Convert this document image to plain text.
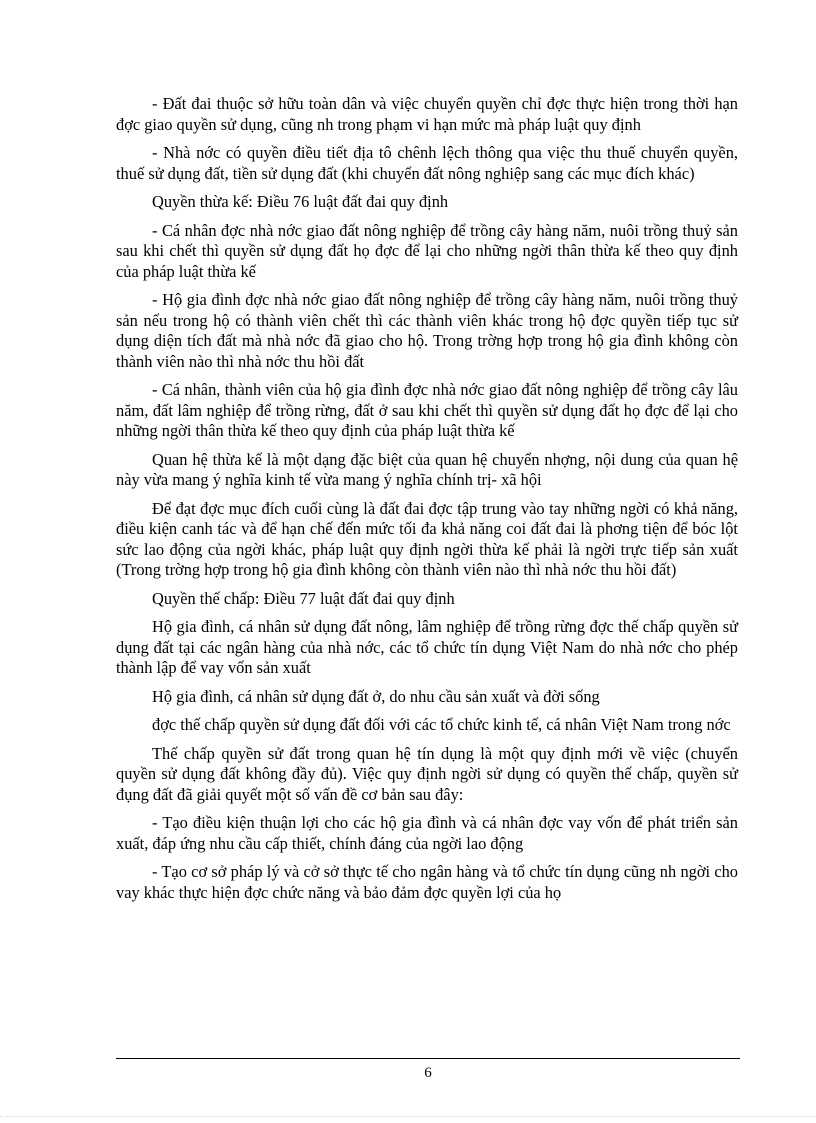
- Đất đai thuộc sở hữu toàn dân và việc chuyển quyền chỉ đợc thực hiện trong thời hạn đợc giao quyền sử dụng, cũng nh trong phạm vi hạn mức mà pháp luật quy định

- Nhà nớc có quyền điều tiết địa tô chênh lệch thông qua việc thu thuế chuyển quyền, thuế sử dụng đất, tiền sử dụng đất (khi chuyển đất nông nghiệp sang các mục đích khác)

Quyền thừa kế: Điều 76 luật đất đai quy định

- Cá nhân đợc nhà nớc giao đất nông nghiệp để trồng cây hàng năm, nuôi trồng thuỷ sản sau khi chết thì quyền sử dụng đất họ đợc để lại cho những ngời thân thừa kế theo quy định của pháp luật thừa kế

- Hộ gia đình đợc nhà nớc giao đất nông nghiệp để trồng cây hàng năm, nuôi trồng thuỷ sản nếu trong hộ có thành viên chết thì các thành viên khác trong hộ đợc quyền tiếp tục sử dụng diện tích đất mà nhà nớc đã giao cho hộ. Trong trờng hợp trong hộ gia đình không còn thành viên nào thì nhà nớc thu hồi đất

- Cá nhân, thành viên của hộ gia đình đợc nhà nớc giao đất nông nghiệp để trồng cây lâu năm, đất lâm nghiệp để trồng rừng, đất ở sau khi chết thì quyền sử dụng đất họ đợc để lại cho những ngời thân thừa kế theo quy định của pháp luật thừa kế

Quan hệ thừa kế là một dạng đặc biệt của quan hệ chuyển nhợng, nội dung của quan hệ này vừa mang ý nghĩa kinh tế vừa mang ý nghĩa chính trị- xã hội

Để đạt đợc mục đích cuối cùng là đất đai đợc tập trung vào tay những ngời có khả năng, điều kiện canh tác và để hạn chế đến mức tối đa khả năng coi đất đai là phơng tiện để bóc lột sức lao động của ngời khác, pháp luật quy định ngời thừa kế phải là ngời trực tiếp sản xuất (Trong trờng hợp trong hộ gia đình không còn thành viên nào thì nhà nớc thu hồi đất)

Quyền thế chấp: Điều 77 luật đất đai quy định

Hộ gia đình, cá nhân sử dụng đất nông, lâm nghiệp để trồng rừng đợc thế chấp quyền sử dụng đất tại các ngân hàng của nhà nớc, các tổ chức tín dụng Việt Nam do nhà nớc cho phép thành lập để vay vốn sản xuất

Hộ gia đình, cá nhân sử dụng đất ở, do nhu cầu sản xuất và đời sống

đợc thế chấp quyền sử dụng đất đối với các tổ chức kinh tế, cá nhân Việt Nam trong nớc

Thế chấp quyền sử đất trong quan hệ tín dụng là một quy định mới về việc (chuyển quyền sử dụng đất không đầy đủ). Việc quy định ngời sử dụng có quyền thế chấp, quyền sử đụng đất đã giải quyết một số vấn đề cơ bản sau đây:

- Tạo điều kiện thuận lợi cho các hộ gia đình và cá nhân đợc vay vốn để phát triển sản xuất, đáp ứng nhu cầu cấp thiết, chính đáng của ngời lao động

- Tạo cơ sở pháp lý và cở sở thực tế cho ngân hàng và tổ chức tín dụng cũng nh ngời cho vay khác thực hiện đợc chức năng và bảo đảm đợc quyền lợi của họ

6
